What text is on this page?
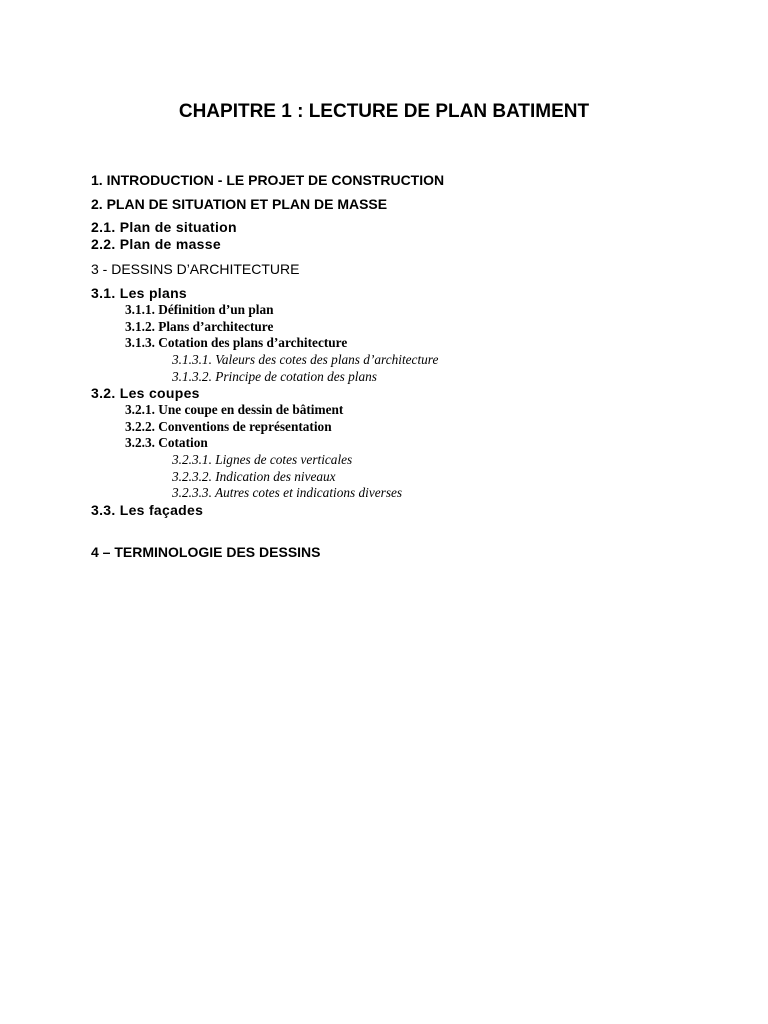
CHAPITRE 1 : LECTURE DE PLAN BATIMENT
1. INTRODUCTION - LE PROJET DE CONSTRUCTION
2. PLAN DE SITUATION ET PLAN DE MASSE
2.1. Plan de situation
2.2. Plan de masse
3 - DESSINS D’ARCHITECTURE
3.1. Les plans
3.1.1. Définition d’un plan
3.1.2. Plans d’architecture
3.1.3. Cotation des plans d’architecture
3.1.3.1. Valeurs des cotes des plans d’architecture
3.1.3.2. Principe de cotation des plans
3.2. Les coupes
3.2.1. Une coupe en dessin de bâtiment
3.2.2. Conventions de représentation
3.2.3. Cotation
3.2.3.1. Lignes de cotes verticales
3.2.3.2. Indication des niveaux
3.2.3.3. Autres cotes et indications diverses
3.3. Les façades
4 – TERMINOLOGIE DES DESSINS
